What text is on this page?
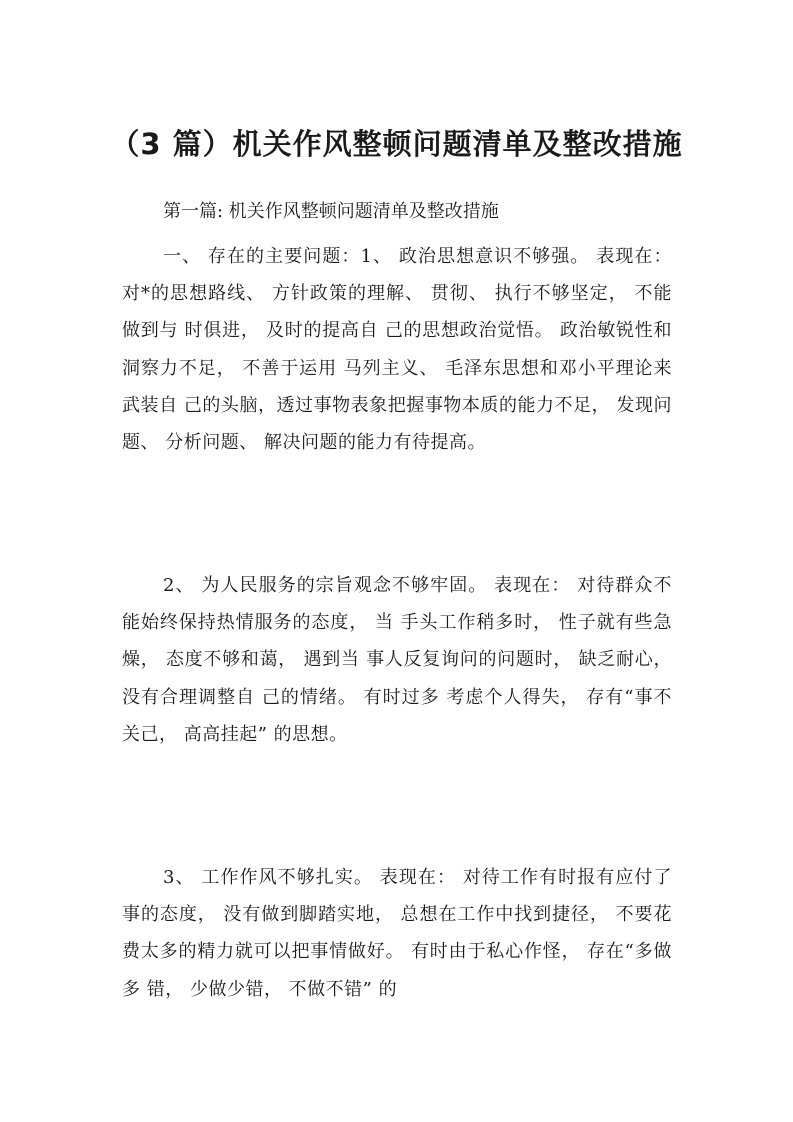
（3 篇）机关作风整顿问题清单及整改措施
第一篇: 机关作风整顿问题清单及整改措施

一、 存在的主要问题：1、 政治思想意识不够强。 表现在： 对*的思想路线、 方针政策的理解、 贯彻、 执行不够坚定， 不能做到与 时俱进， 及时的提高自 己的思想政治觉悟。 政治敏锐性和洞察力不足， 不善于运用 马列主义、 毛泽东思想和邓小平理论来武装自 己的头脑，透过事物表象把握事物本质的能力不足， 发现问题、 分析问题、 解决问题的能力有待提高。

2、 为人民服务的宗旨观念不够牢固。 表现在： 对待群众不能始终保持热情服务的态度， 当 手头工作稍多时， 性子就有些急燥， 态度不够和蔼， 遇到当 事人反复询问的问题时， 缺乏耐心， 没有合理调整自 己的情绪。 有时过多 考虑个人得失， 存有“事不关己， 高高挂起” 的思想。

3、 工作作风不够扎实。 表现在： 对待工作有时报有应付了事的态度， 没有做到脚踏实地， 总想在工作中找到捷径， 不要花费太多的精力就可以把事情做好。 有时由于私心作怪， 存在“多做多 错， 少做少错， 不做不错” 的
